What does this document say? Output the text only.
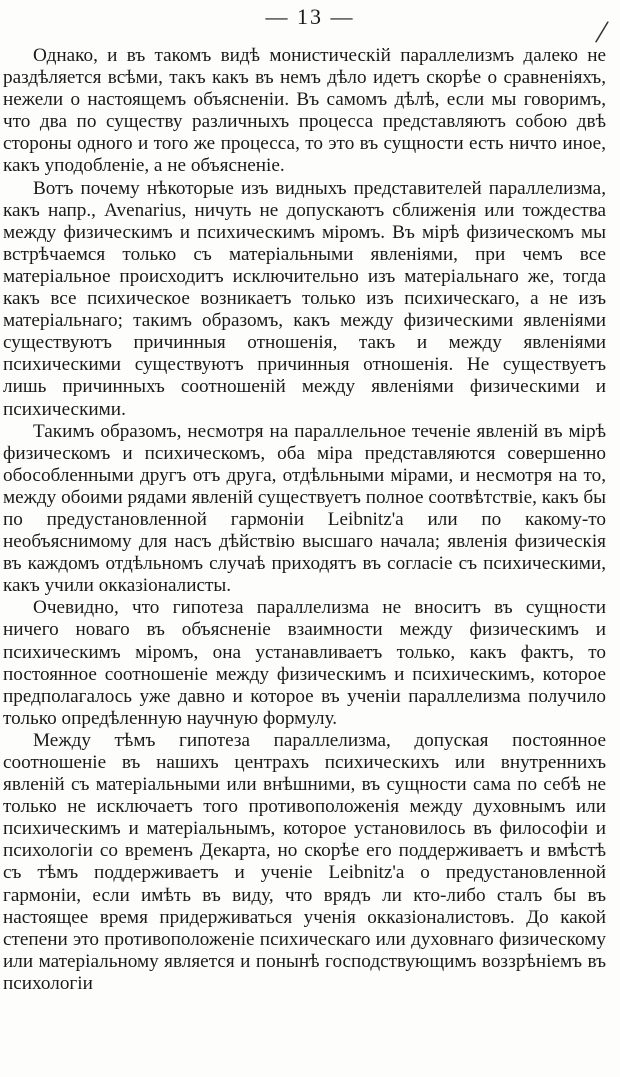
— 13 —	/

Однако, и въ такомъ видѣ монистическій параллелизмъ далеко не раздѣляется всѣми, такъ какъ въ немъ дѣло идетъ скорѣе о сравненіяхъ, нежели о настоящемъ объясненіи. Въ самомъ дѣлѣ, если мы говоримъ, что два по существу различныхъ процесса представляютъ собою двѣ стороны одного и того же процесса, то это въ сущности есть ничто иное, какъ уподобленіе, а не объясненіе.

Вотъ почему нѣкоторые изъ видныхъ представителей параллелизма, какъ напр., Avenarius, ничуть не допускаютъ сближенія или тождества между физическимъ и психическимъ міромъ. Въ мірѣ физическомъ мы встрѣчаемся только съ матеріальными явленіями, при чемъ все матеріальное происходитъ исключительно изъ матеріальнаго же, тогда какъ все психическое возникаетъ только изъ психическаго, а не изъ матеріальнаго; такимъ образомъ, какъ между физическими явленіями существуютъ причинныя отношенія, такъ и между явленіями психическими существуютъ причинныя отношенія. Не существуетъ лишь причинныхъ соотношеній между явленіями физическими и психическими.

Такимъ образомъ, несмотря на параллельное теченіе явленій въ мірѣ физическомъ и психическомъ, оба міра представляются совершенно обособленными другъ отъ друга, отдѣльными мірами, и несмотря на то, между обоими рядами явленій существуетъ полное соотвѣтствіе, какъ бы по предустановленной гармоніи Leibnitz'а или по какому-то необъяснимому для насъ дѣйствію высшаго начала; явленія физическія въ каждомъ отдѣльномъ случаѣ приходятъ въ согласіе съ психическими, какъ учили окказіоналисты.

Очевидно, что гипотеза параллелизма не вноситъ въ сущности ничего новаго въ объясненіе взаимности между физическимъ и психическимъ міромъ, она устанавливаетъ только, какъ фактъ, то постоянное соотношеніе между физическимъ и психическимъ, которое предполагалось уже давно и которое въ ученіи параллелизма получило только опредѣленную научную формулу.

Между тѣмъ гипотеза параллелизма, допуская постоянное соотношеніе въ нашихъ центрахъ психическихъ или внутреннихъ явленій съ матеріальными или внѣшними, въ сущности сама по себѣ не только не исключаетъ того противоположенія между духовнымъ или психическимъ и матеріальнымъ, которое установилось въ философіи и психологіи со временъ Декарта, но скорѣе его поддерживаетъ и вмѣстѣ съ тѣмъ поддерживаетъ и ученіе Leibnitz'а о предустановленной гармоніи, если имѣть въ виду, что врядъ ли кто-либо сталъ бы въ настоящее время придерживаться ученія окказіоналистовъ. До какой степени это противоположеніе психическаго или духовнаго физическому или матеріальному является и понынѣ господствующимъ воззрѣніемъ въ психологіи
